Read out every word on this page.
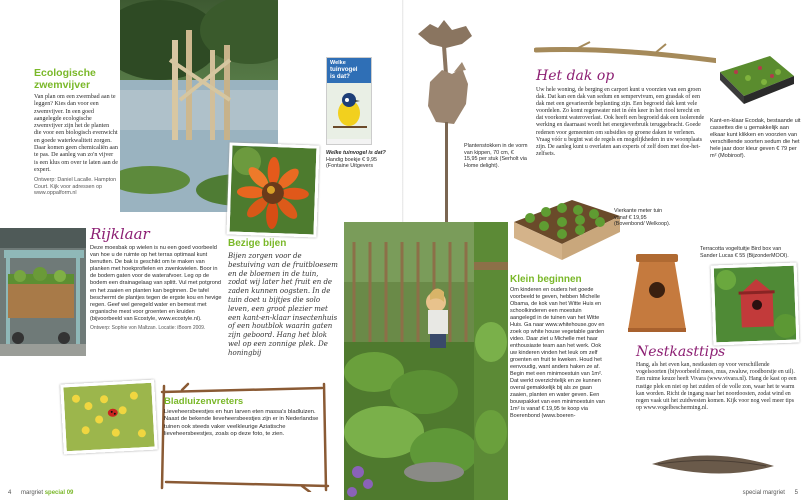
Ecologische zwemvijver
Van plan om een zwembad aan te leggen? Kies dan voor een zwemvijver. In een goed aangelegde ecologische zwemvijver zijn het de planten die voor een biologisch evenwicht en goede waterkwaliteit zorgen. Daar komen geen chemicaliën aan te pas. De aanleg van zo'n vijver is een klus om over te laten aan de expert.
Ontwerp: Daniel Lacalle. Hampton Court. Kijk voor adressen op www.oppalform.nl
Welke
tuinvogel
is dat?
Welke tuinvogel is dat? Handig boekje € 9,95 (Fontaine Uitgevers
Rijklaar
Deze moesbak op wielen is nu een goed voorbeeld van hoe u de ruimte op het terras optimaal kunt benutten. De bak is geschikt om te maken van planken met hoekprofielen en zwenkwielen. Boor in de bodem gaten voor de waterafvoer. Leg op de bodem een drainagelaag van splitt. Vul met potgrond en het zaaien en planten kan beginnen. De tafel beschermt de plantjes tegen de ergste kou en hevige regen. Geef wel geregeld water en bemest met organische mest voor groenten en kruiden (bijvoorbeeld van Ecostyle, www.ecostyle.nl).
Ontwerp: Sophie von Maltzan. Locatie: iBoom 2009.
Bezige bijen
Bijen zorgen voor de bestuiving van de fruitbloesem en de bloemen in de tuin, zodat wij later het fruit en de zaden kunnen oogsten. In de tuin doet u bijtjes die solo leven, een groot plezier met een kant-en-klaar insectenhuis of een houtblok waarin gaten zijn geboord. Hang het blok wel op een zonnige plek. De honingbij
Bladluizenvreters
Lieveheersbeestjes en hun larven eten massa's bladluizen. Naast de bekende lieveheersbeestjes zijn er in Nederlandse tuinen ook steeds vaker veelkleurige Aziatische lieveheersbeestjes, zoals op deze foto, te zien.
4 margriet special 09
Plantenstokken in de vorm van kippen, 70 cm, € 15,95 per stuk (Serholt via Home delight).
Het dak op
Uw hele woning, de berging en carport kunt u voorzien van een groen dak. Dat kan een dak van sedum en sempervivum, een grasdak of een dak met een gevarieerde beplanting zijn. Een begroeid dak kent vele voordelen. Zo komt regenwater niet in één keer in het riool terecht en dat voorkomt wateroverlast. Ook heeft een begroeid dak een isolerende werking en daarnaast wordt het energieverbruik teruggebracht. Goede redenen voor gemeenten om subsidies op groene daken te verlenen. Vraag vóór u begint wat de regels en mogelijkheden in uw woonplaats zijn. De aanleg kunt u overlaten aan experts of zelf doen met doe-het-zelfsets.
Kant-en-klaar Ecodak, bestaande uit cassettes die u gemakkelijk aan elkaar kunt klikken en voorzien van verschillende soorten sedum die het hele jaar door kleur geven € 79 per m² (Mobiroof).
Vierkante meter tuin vanaf € 19,95 (Bovenbond/ Welkoop).
Klein beginnen
Om kinderen en ouders het goede voorbeeld te geven, hebben Michelle Obama, de kok van het Witte Huis en schoolkinderen een moestuin aangelegd in de tuinen van het Witte Huis. Ga naar www.whitehouse.gov en zoek op white house vegetable garden video. Daar ziet u Michelle met haar enthousiaste team aan het werk. Ook uw kinderen vinden het leuk om zelf groenten en fruit te kweken. Houd het eenvoudig, want anders haken ze af. Begin met een minimoestuin van 1m². Dat werkt overzichtelijk en ze kunnen overal gemakkelijk bij als ze gaan zaaien, planten en water geven. Een bouwpakket van een minimoestuin van 1m² is vanaf € 19,95 te koop via Boerenbond (www.boeren-
Terracotta vogeltuitje Bird box van Sander Lucas € 55 (BijzonderMOOI).
Nestkasttips
Hang, als het even kan, nestkasten op voor verschillende vogelsoorten (bijvoorbeeld mees, mus, zwaluw, roodborstje en uil). Een ruime keuze heeft Vivara (www.vivara.nl). Hang de kast op een rustige plek en niet op het zuiden of de volle zon, waar het te warm kan worden. Richt de ingang naar het noordoosten, zodat wind en regen vaak uit het zuidwesten komen. Kijk voor nog veel meer tips op www.vogelbescherming.nl.
special margriet 5
